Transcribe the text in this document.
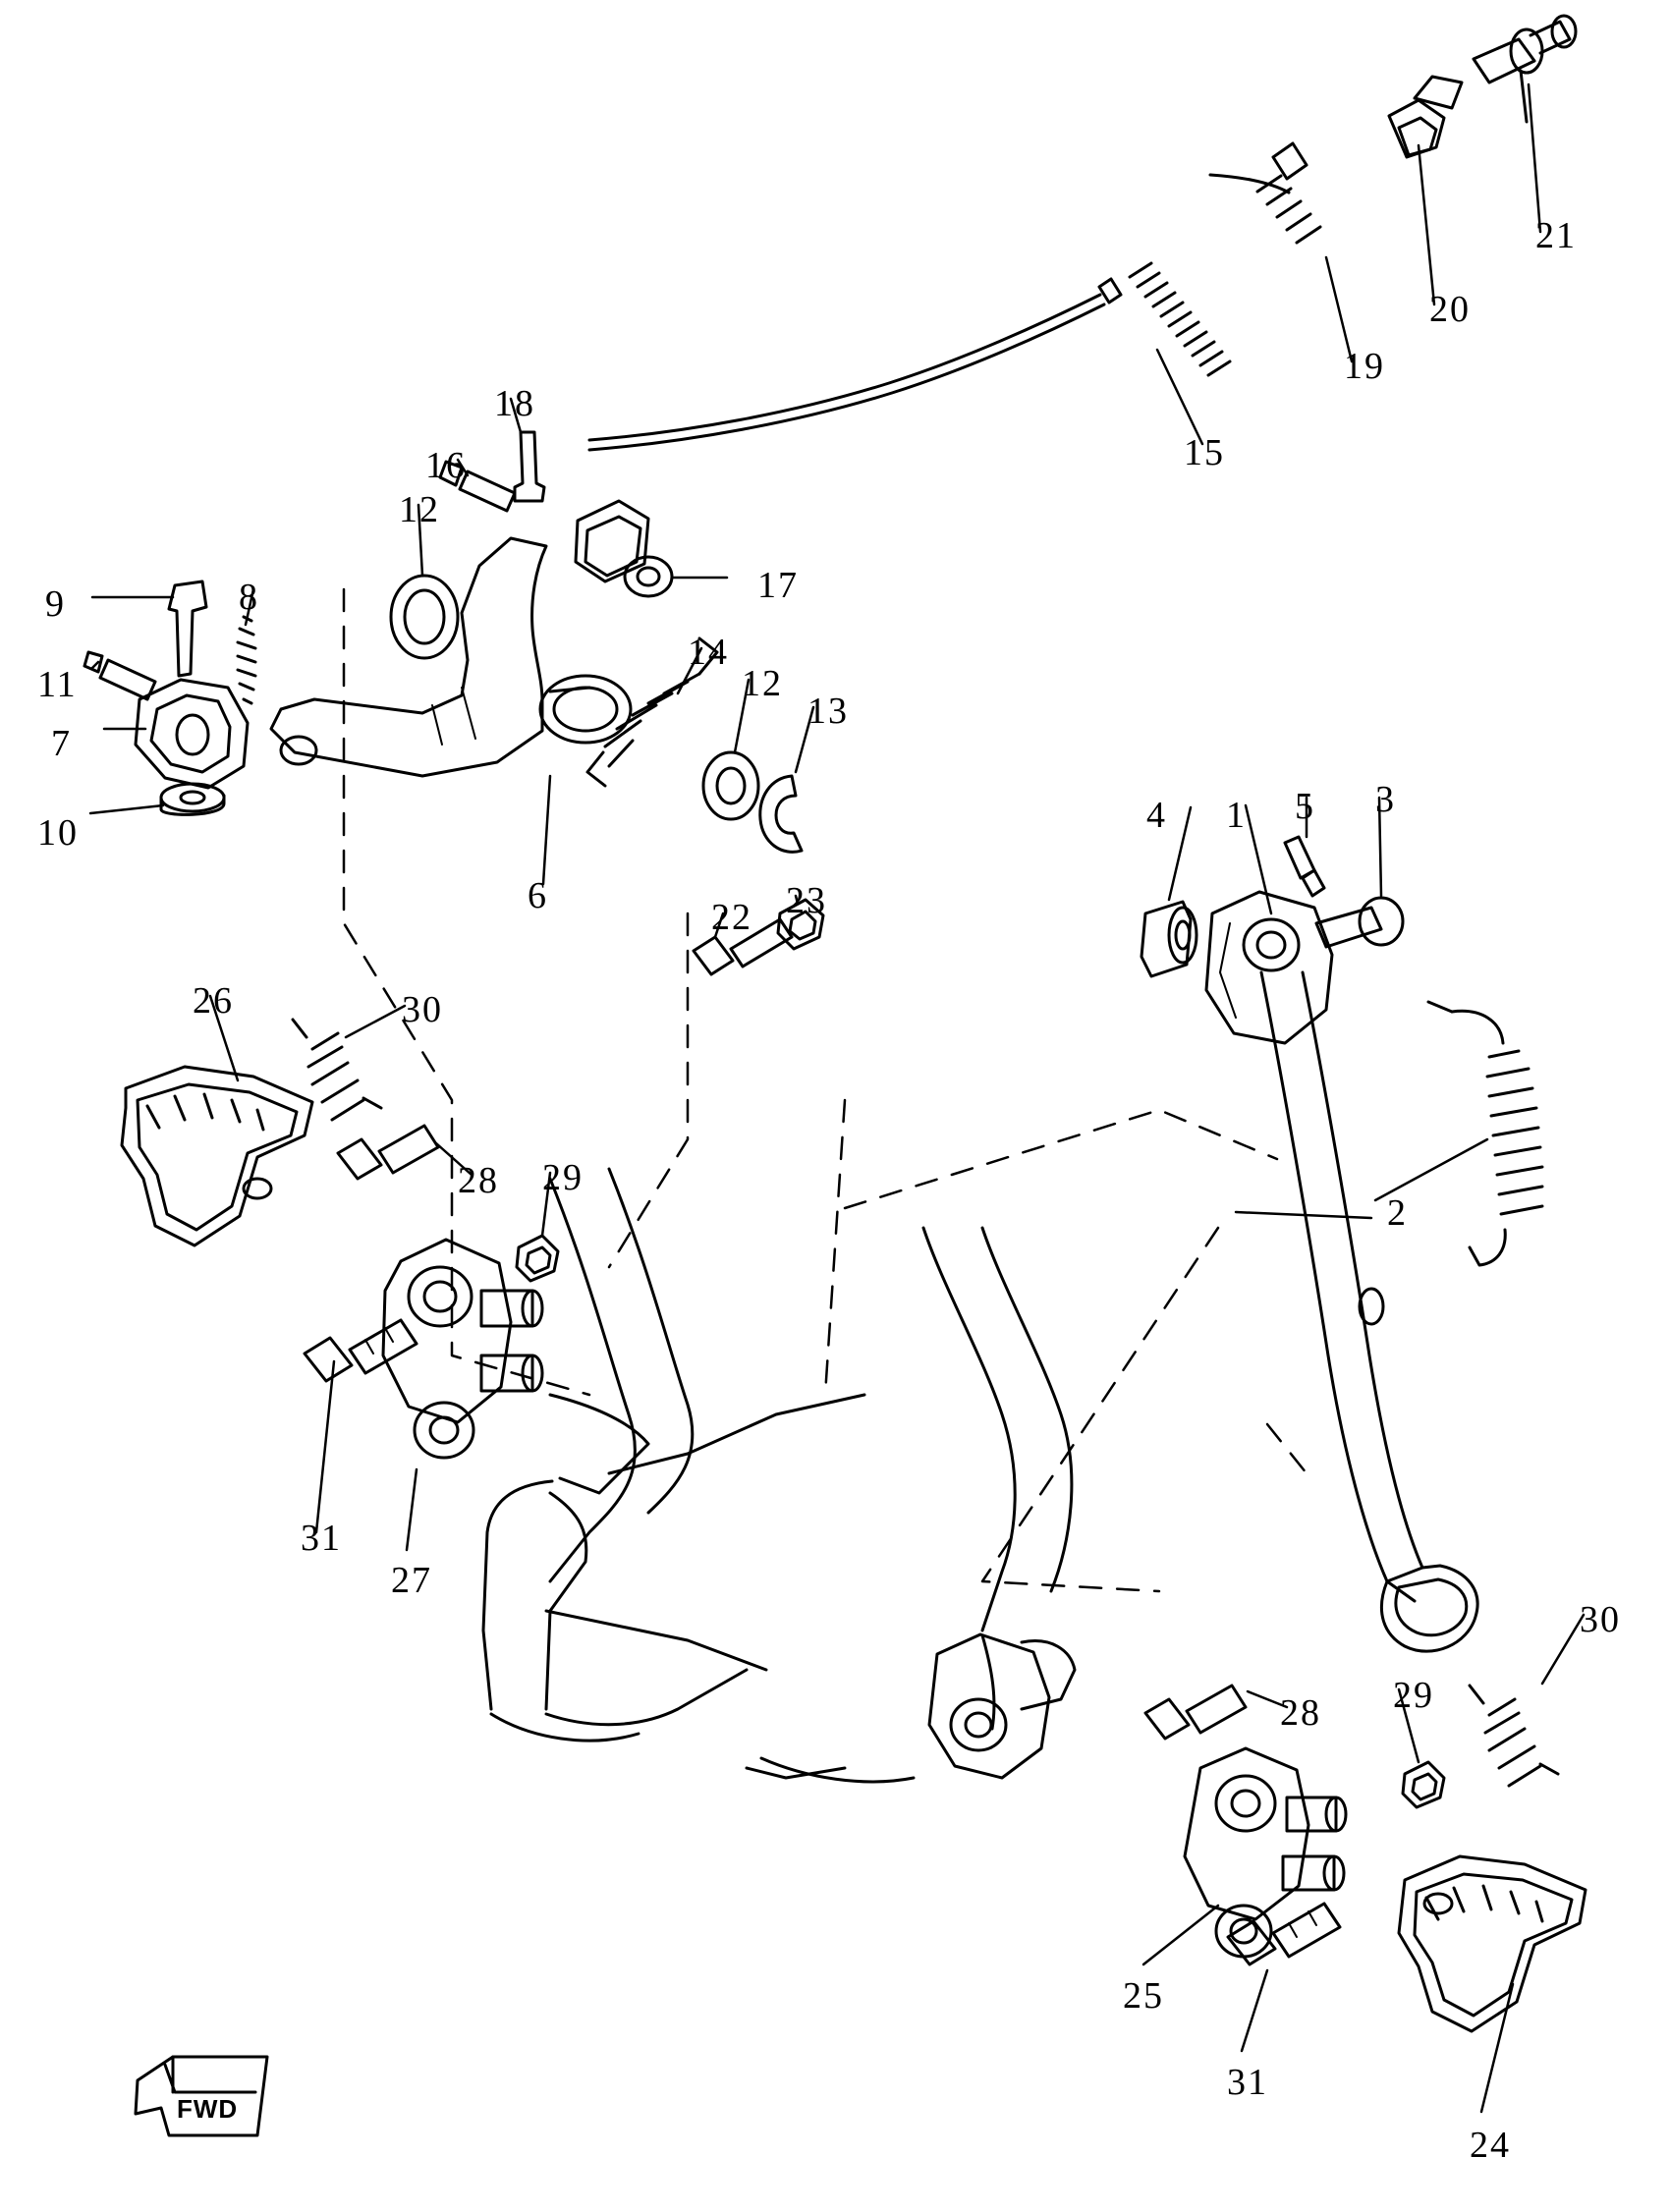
1
2
3
4	5
6
7
8
9
10
11
12
12
13
14
15
16
17
18
19
20
21
22 23
24
25
26
27
28
28
29
29
30
30
31
31
FWD
